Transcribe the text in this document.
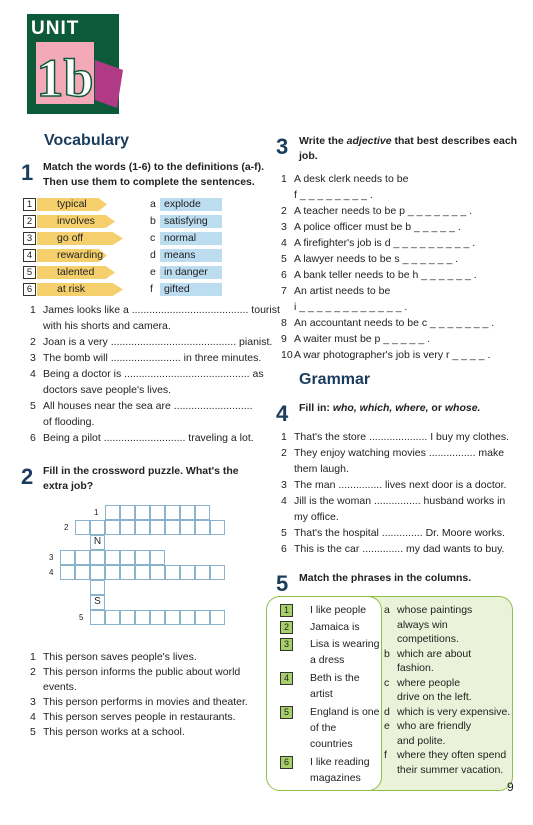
UNIT
1b
Vocabulary
1 Match the words (1-6) to the definitions (a-f).
Then use them to complete the sentences.
1	typical
2	involves
3	go off
4	rewarding
5	talented
6	at risk
a explode
b satisfying
c normal
d means
e in danger
f gifted
1 James looks like a ........................................ tourist
with his shorts and camera.
2 Joan is a very ........................................... pianist.
3 The bomb will ........................ in three minutes.
4 Being a doctor is ........................................... as
doctors save people's lives.
5 All houses near the sea are ...........................
of flooding.
6 Being a pilot ............................ traveling a lot.
2 Fill in the crossword puzzle. What's the
extra job?
1
2
3
4
5
N
S
1 This person saves people's lives.
2 This person informs the public about world
events.
3 This person performs in movies and theater.
4 This person serves people in restaurants.
5 This person works at a school.
3 Write the adjective that best describes each
job.
1 A desk clerk needs to be
f _ _ _ _ _ _ _ _ .
2 A teacher needs to be p _ _ _ _ _ _ _ .
3 A police officer must be b _ _ _ _ _ .
4 A firefighter's job is d _ _ _ _ _ _ _ _ _ .
5 A lawyer needs to be s _ _ _ _ _ _ .
6 A bank teller needs to be h _ _ _ _ _ _ .
7 An artist needs to be
i _ _ _ _ _ _ _ _ _ _ _ _ .
8 An accountant needs to be c _ _ _ _ _ _ _ .
9 A waiter must be p _ _ _ _ _ .
10 A war photographer's job is very r _ _ _ _ .
Grammar
4 Fill in: who, which, where, or whose.
1 That's the store .................... I buy my clothes.
2 They enjoy watching movies ................ make
them laugh.
3 The man ............... lives next door is a doctor.
4 Jill is the woman ................ husband works in
my office.
5 That's the hospital .............. Dr. Moore works.
6 This is the car .............. my dad wants to buy.
5 Match the phrases in the columns.
1	I like people
2	Jamaica is
3	Lisa is wearing
a dress
4	Beth is the
artist
5	England is one
of the
countries
6	I like reading
magazines
a whose paintings
always win
competitions.
b which are about
fashion.
c where people
drive on the left.
d which is very expensive.
e who are friendly
and polite.
f where they often spend
their summer vacation.
9
